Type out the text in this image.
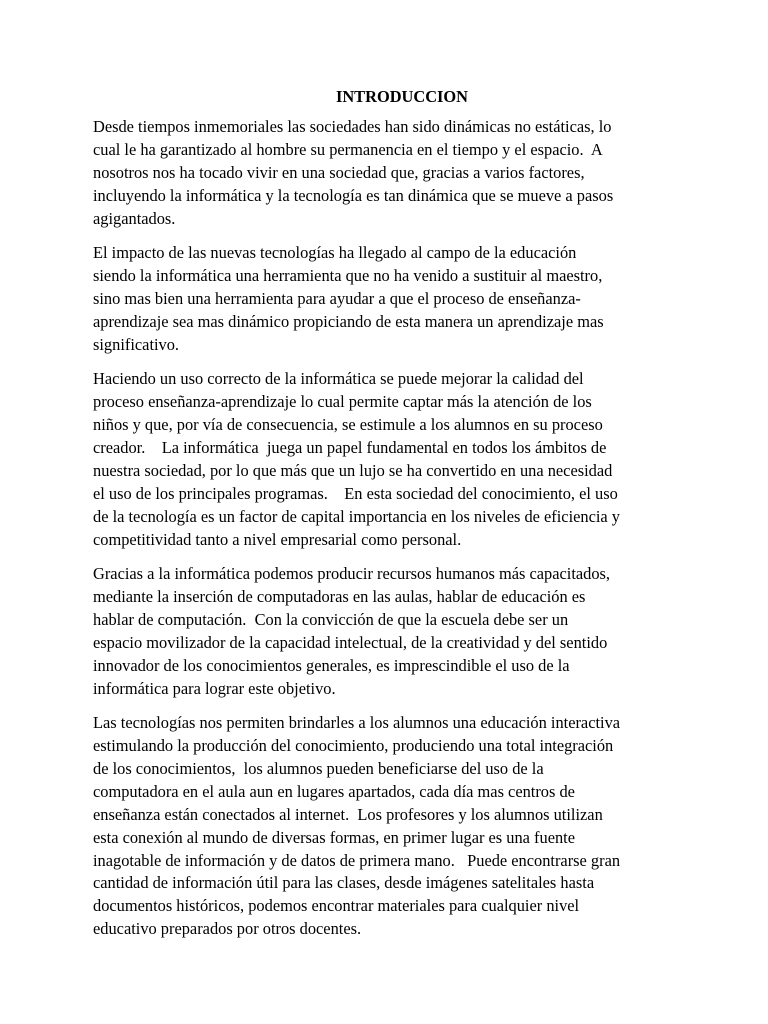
INTRODUCCION
Desde tiempos inmemoriales las sociedades han sido dinámicas no estáticas, lo
cual le ha garantizado al hombre su permanencia en el tiempo y el espacio.  A
nosotros nos ha tocado vivir en una sociedad que, gracias a varios factores,
incluyendo la informática y la tecnología es tan dinámica que se mueve a pasos
agigantados.
El impacto de las nuevas tecnologías ha llegado al campo de la educación
siendo la informática una herramienta que no ha venido a sustituir al maestro,
sino mas bien una herramienta para ayudar a que el proceso de enseñanza-
aprendizaje sea mas dinámico propiciando de esta manera un aprendizaje mas
significativo.
Haciendo un uso correcto de la informática se puede mejorar la calidad del
proceso enseñanza-aprendizaje lo cual permite captar más la atención de los
niños y que, por vía de consecuencia, se estimule a los alumnos en su proceso
creador.    La informática  juega un papel fundamental en todos los ámbitos de
nuestra sociedad, por lo que más que un lujo se ha convertido en una necesidad
el uso de los principales programas.    En esta sociedad del conocimiento, el uso
de la tecnología es un factor de capital importancia en los niveles de eficiencia y
competitividad tanto a nivel empresarial como personal.
Gracias a la informática podemos producir recursos humanos más capacitados,
mediante la inserción de computadoras en las aulas, hablar de educación es
hablar de computación.  Con la convicción de que la escuela debe ser un
espacio movilizador de la capacidad intelectual, de la creatividad y del sentido
innovador de los conocimientos generales, es imprescindible el uso de la
informática para lograr este objetivo.
Las tecnologías nos permiten brindarles a los alumnos una educación interactiva
estimulando la producción del conocimiento, produciendo una total integración
de los conocimientos,  los alumnos pueden beneficiarse del uso de la
computadora en el aula aun en lugares apartados, cada día mas centros de
enseñanza están conectados al internet.  Los profesores y los alumnos utilizan
esta conexión al mundo de diversas formas, en primer lugar es una fuente
inagotable de información y de datos de primera mano.   Puede encontrarse gran
cantidad de información útil para las clases, desde imágenes satelitales hasta
documentos históricos, podemos encontrar materiales para cualquier nivel
educativo preparados por otros docentes.
